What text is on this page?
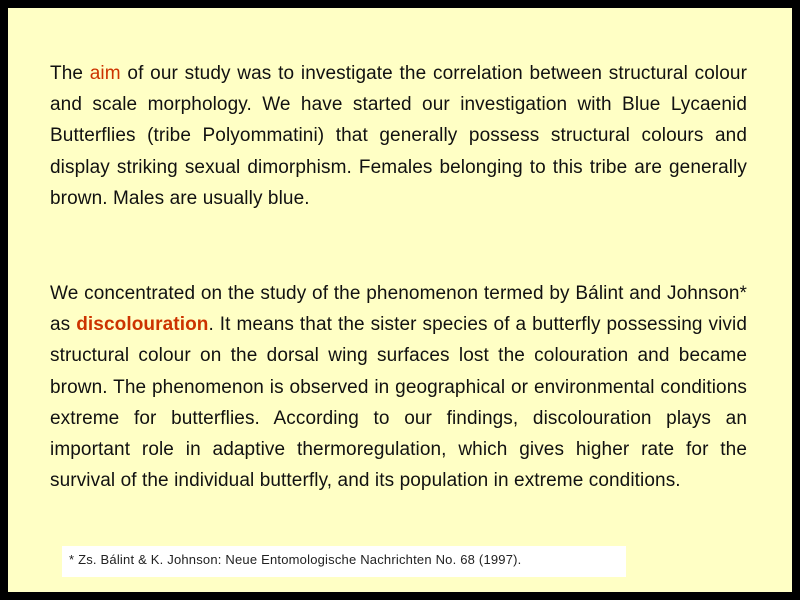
The aim of our study was to investigate the correlation between structural colour and scale morphology. We have started our investigation with Blue Lycaenid Butterflies (tribe Polyommatini) that generally possess structural colours and display striking sexual dimorphism. Females belonging to this tribe are generally brown. Males are usually blue.

We concentrated on the study of the phenomenon termed by Bálint and Johnson* as discolouration. It means that the sister species of a butterfly possessing vivid structural colour on the dorsal wing surfaces lost the colouration and became brown. The phenomenon is observed in geographical or environmental conditions extreme for butterflies. According to our findings, discolouration plays an important role in adaptive thermoregulation, which gives higher rate for the survival of the individual butterfly, and its population in extreme conditions.

* Zs. Bálint & K. Johnson: Neue Entomologische Nachrichten No. 68 (1997).
